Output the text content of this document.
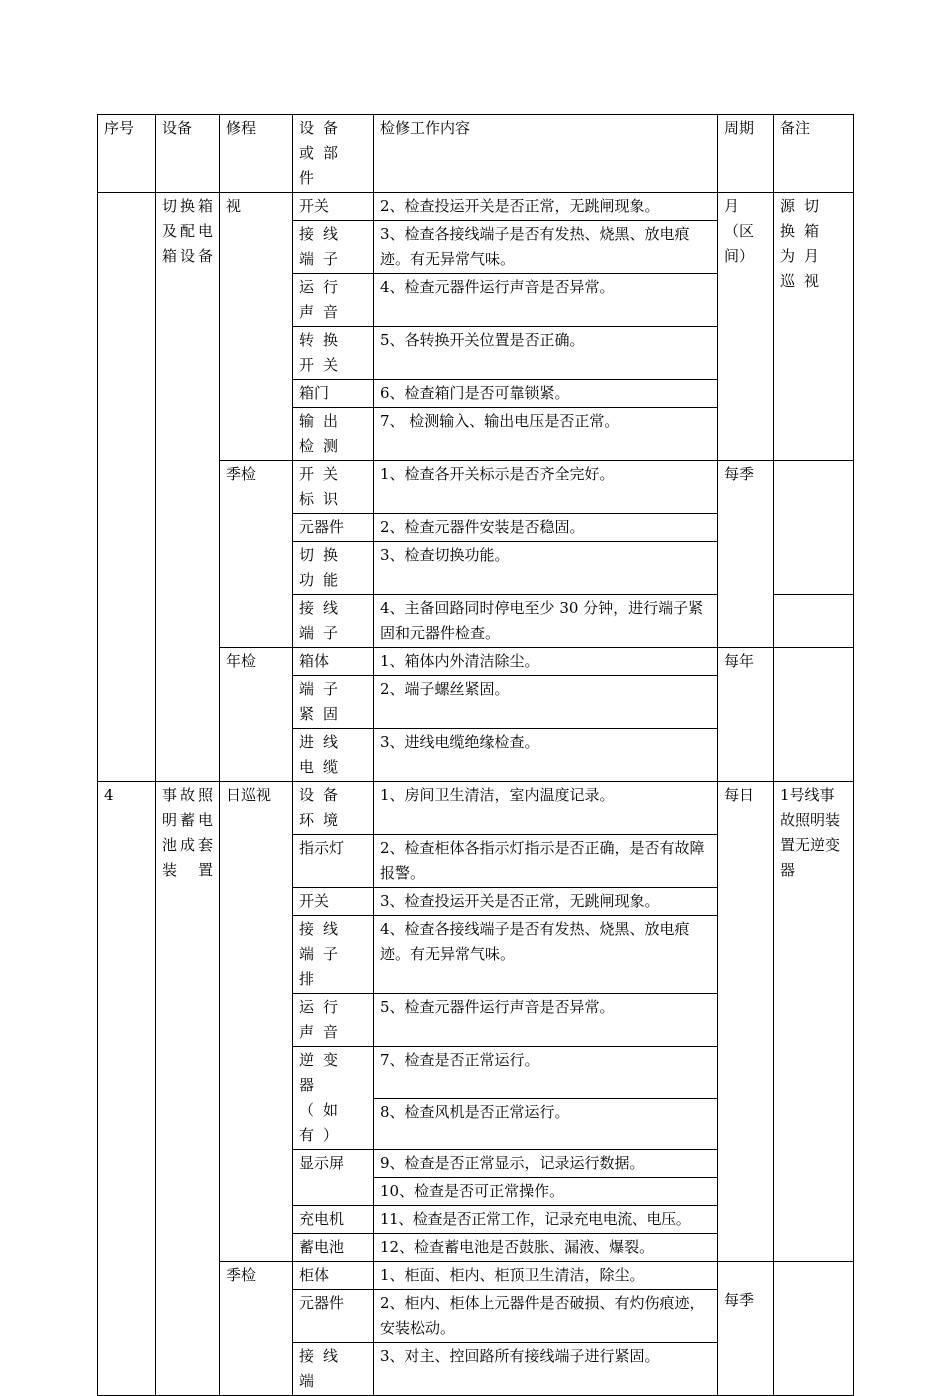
序号	设备	修程	设备或部件	检修工作内容	周期	备注
	切换箱及配电箱设备	视	开关	2、检查投运开关是否正常，无跳闸现象。	月（区间）	源切换箱为月巡视
			接线端子	3、检查各接线端子是否有发热、烧黑、放电痕迹。有无异常气味。		
			运行声音	4、检查元器件运行声音是否异常。		
			转换开关	5、各转换开关位置是否正确。		
			箱门	6、检查箱门是否可靠锁紧。		
			输出检测	7、 检测输入、输出电压是否正常。		
		季检	开关标识	1、检查各开关标示是否齐全完好。	每季	
			元器件	2、检查元器件安装是否稳固。		
			切换功能	3、检查切换功能。		
			接线端子	4、主备回路同时停电至少 30 分钟，进行端子紧固和元器件检查。		
		年检	箱体	1、箱体内外清洁除尘。	每年	
			端子紧固	2、端子螺丝紧固。		
			进线电缆	3、进线电缆绝缘检查。		
4	事故照明蓄电池成套装置	日巡视	设备环境	1、房间卫生清洁，室内温度记录。	每日	1号线事故照明装置无逆变器
			指示灯	2、检查柜体各指示灯指示是否正确，是否有故障报警。		
			开关	3、检查投运开关是否正常，无跳闸现象。		
			接线端子排	4、检查各接线端子是否有发热、烧黑、放电痕迹。有无异常气味。		
			运行声音	5、检查元器件运行声音是否异常。		
			逆变器（如有）	7、检查是否正常运行。		
				8、检查风机是否正常运行。		
			显示屏	9、检查是否正常显示，记录运行数据。		
				10、检查是否可正常操作。		
			充电机	11、检查是否正常工作，记录充电电流、电压。		
			蓄电池	12、检查蓄电池是否鼓胀、漏液、爆裂。		
		季检	柜体	1、柜面、柜内、柜顶卫生清洁，除尘。	每季	
			元器件	2、柜内、柜体上元器件是否破损、有灼伤痕迹，安装松动。		
			接线端	3、对主、控回路所有接线端子进行紧固。		
